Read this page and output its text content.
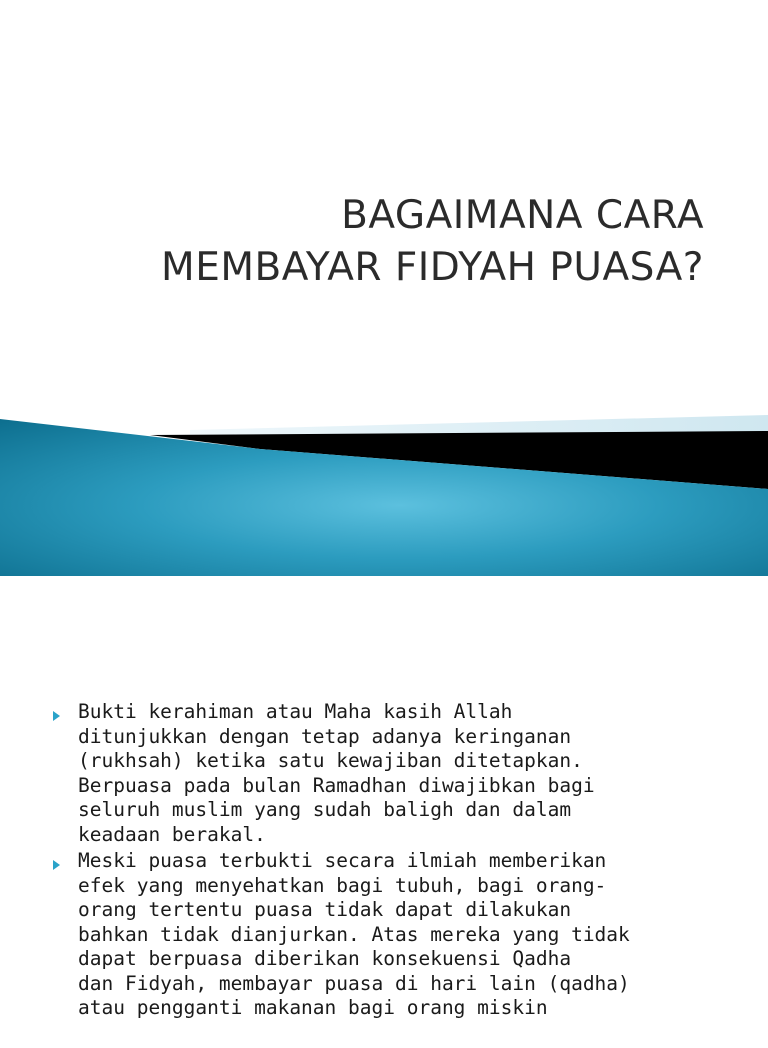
BAGAIMANA CARA
MEMBAYAR FIDYAH PUASA?
Bukti kerahiman atau Maha kasih Allah
ditunjukkan dengan tetap adanya keringanan
(rukhsah) ketika satu kewajiban ditetapkan.
Berpuasa pada bulan Ramadhan diwajibkan bagi
seluruh muslim yang sudah baligh dan dalam
keadaan berakal.
Meski puasa terbukti secara ilmiah memberikan
efek yang menyehatkan bagi tubuh, bagi orang-
orang tertentu puasa tidak dapat dilakukan
bahkan tidak dianjurkan. Atas mereka yang tidak
dapat berpuasa diberikan konsekuensi Qadha
dan Fidyah, membayar puasa di hari lain (qadha)
atau pengganti makanan bagi orang miskin
